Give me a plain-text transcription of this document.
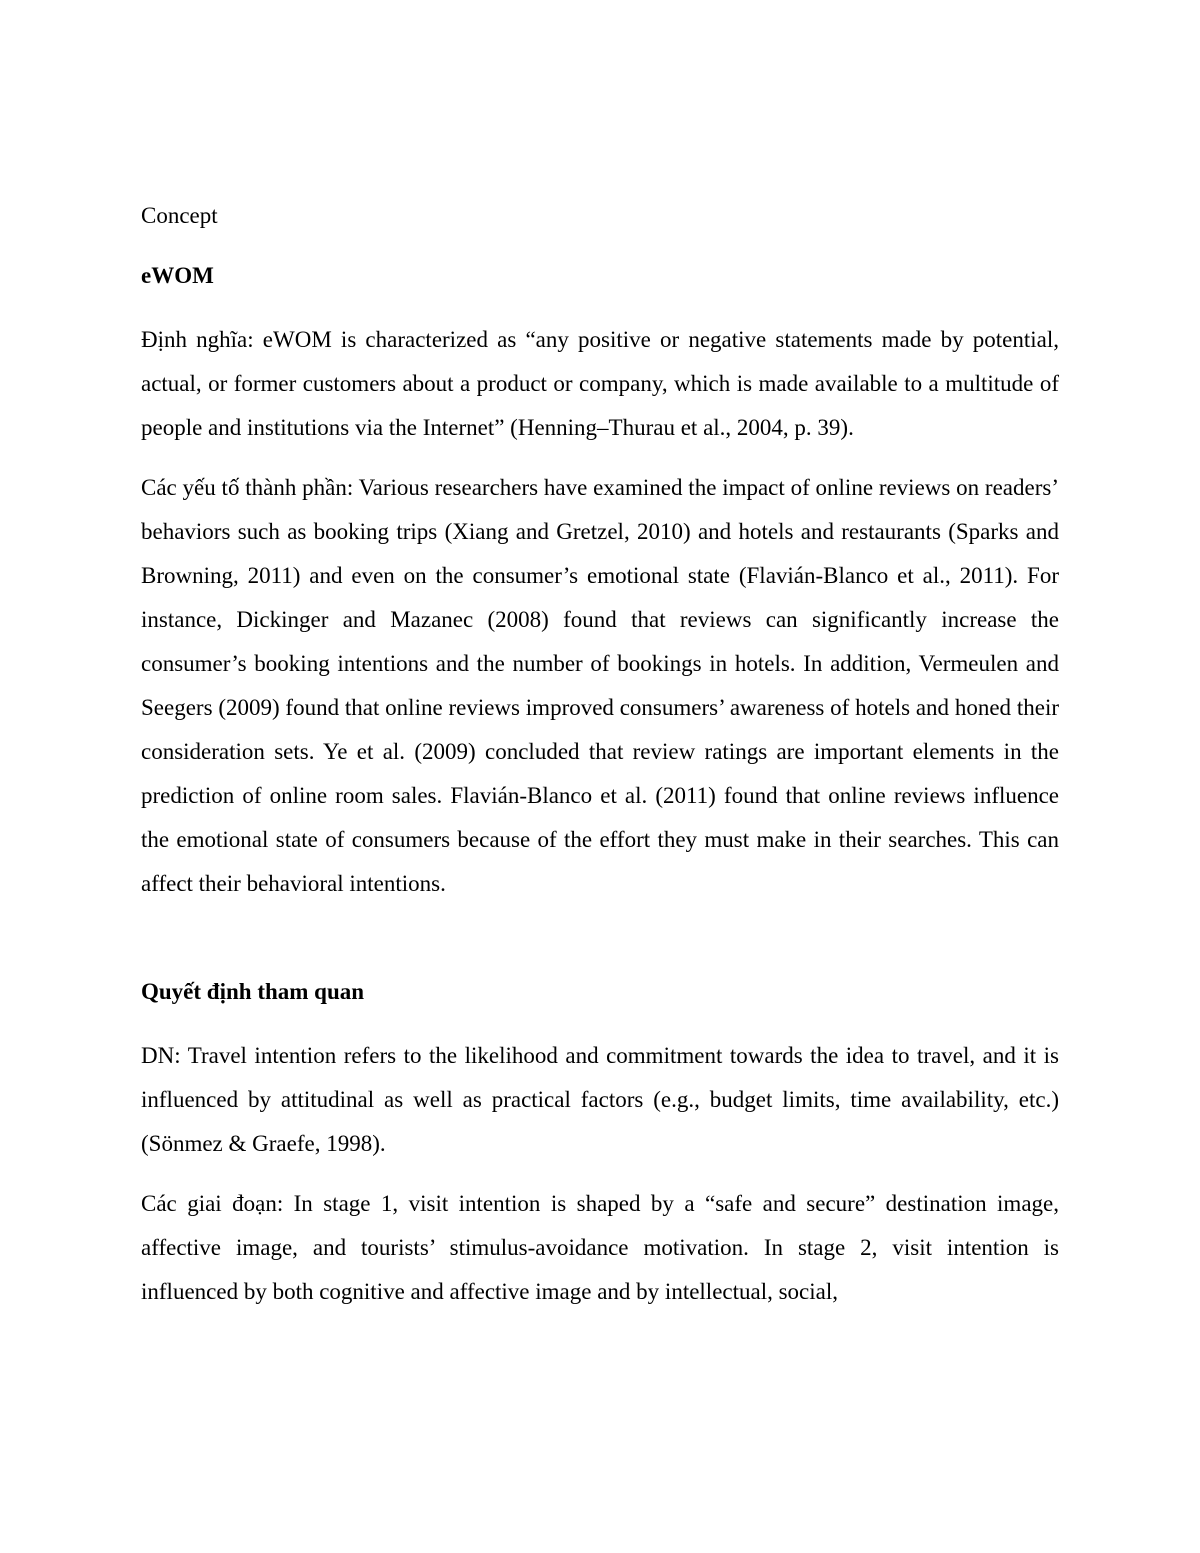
Concept

eWOM

Định nghĩa: eWOM is characterized as “any positive or negative statements made by potential, actual, or former customers about a product or company, which is made available to a multitude of people and institutions via the Internet” (Henning–Thurau et al., 2004, p. 39).

Các yếu tố thành phần: Various researchers have examined the impact of online reviews on readers’ behaviors such as booking trips (Xiang and Gretzel, 2010) and hotels and restaurants (Sparks and Browning, 2011) and even on the consumer’s emotional state (Flavián-Blanco et al., 2011). For instance, Dickinger and Mazanec (2008) found that reviews can significantly increase the consumer’s booking intentions and the number of bookings in hotels. In addition, Vermeulen and Seegers (2009) found that online reviews improved consumers’ awareness of hotels and honed their consideration sets. Ye et al. (2009) concluded that review ratings are important elements in the prediction of online room sales. Flavián-Blanco et al. (2011) found that online reviews influence the emotional state of consumers because of the effort they must make in their searches. This can affect their behavioral intentions.

Quyết định tham quan

DN: Travel intention refers to the likelihood and commitment towards the idea to travel, and it is influenced by attitudinal as well as practical factors (e.g., budget limits, time availability, etc.) (Sönmez & Graefe, 1998).

Các giai đoạn: In stage 1, visit intention is shaped by a “safe and secure” destination image, affective image, and tourists’ stimulus-avoidance motivation. In stage 2, visit intention is influenced by both cognitive and affective image and by intellectual, social,
